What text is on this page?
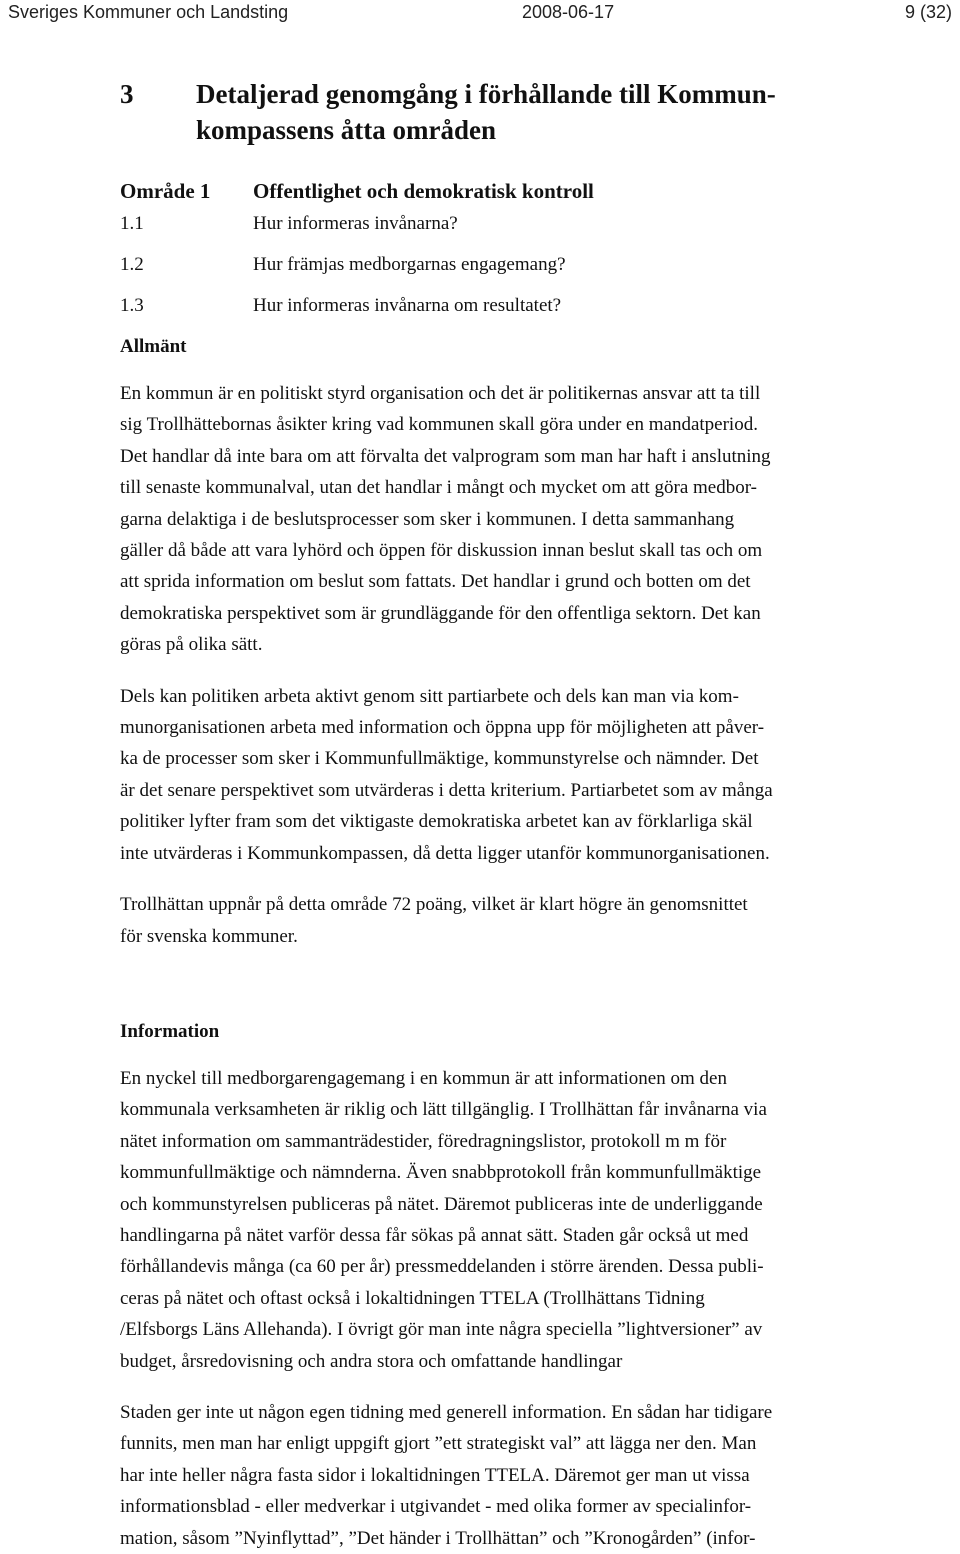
Sveriges Kommuner och Landsting	2008-06-17	9 (32)
3	Detaljerad genomgång i förhållande till Kommun-
kompassens åtta områden
Område 1	Offentlighet och demokratisk kontroll
1.1	Hur informeras invånarna?
1.2	Hur främjas medborgarnas engagemang?
1.3	Hur informeras invånarna om resultatet?
Allmänt

En kommun är en politiskt styrd organisation och det är politikernas ansvar att ta till
sig Trollhättebornas åsikter kring vad kommunen skall göra under en mandatperiod.
Det handlar då inte bara om att förvalta det valprogram som man har haft i anslutning
till senaste kommunalval, utan det handlar i mångt och mycket om att göra medbor-
garna delaktiga i de beslutsprocesser som sker i kommunen. I detta sammanhang
gäller då både att vara lyhörd och öppen för diskussion innan beslut skall tas och om
att sprida information om beslut som fattats. Det handlar i grund och botten om det
demokratiska perspektivet som är grundläggande för den offentliga sektorn. Det kan
göras på olika sätt.

Dels kan politiken arbeta aktivt genom sitt partiarbete och dels kan man via kom-
munorganisationen arbeta med information och öppna upp för möjligheten att påver-
ka de processer som sker i Kommunfullmäktige, kommunstyrelse och nämnder. Det
är det senare perspektivet som utvärderas i detta kriterium. Partiarbetet som av många
politiker lyfter fram som det viktigaste demokratiska arbetet kan av förklarliga skäl
inte utvärderas i Kommunkompassen, då detta ligger utanför kommunorganisationen.

Trollhättan uppnår på detta område 72 poäng, vilket är klart högre än genomsnittet
för svenska kommuner.

Information

En nyckel till medborgarengagemang i en kommun är att informationen om den
kommunala verksamheten är riklig och lätt tillgänglig. I Trollhättan får invånarna via
nätet information om sammanträdestider, föredragningslistor, protokoll m m för
kommunfullmäktige och nämnderna. Även snabbprotokoll från kommunfullmäktige
och kommunstyrelsen publiceras på nätet. Däremot publiceras inte de underliggande
handlingarna på nätet varför dessa får sökas på annat sätt. Staden går också ut med
förhållandevis många (ca 60 per år) pressmeddelanden i större ärenden. Dessa publi-
ceras på nätet och oftast också i lokaltidningen TTELA (Trollhättans Tidning
/Elfsborgs Läns Allehanda). I övrigt gör man inte några speciella ”lightversioner” av
budget, årsredovisning och andra stora och omfattande handlingar

Staden ger inte ut någon egen tidning med generell information. En sådan har tidigare
funnits, men man har enligt uppgift gjort ”ett strategiskt val” att lägga ner den. Man
har inte heller några fasta sidor i lokaltidningen TTELA. Däremot ger man ut vissa
informationsblad - eller medverkar i utgivandet - med olika former av specialinfor-
mation, såsom ”Nyinflyttad”, ”Det händer i Trollhättan” och ”Kronogården” (infor-
